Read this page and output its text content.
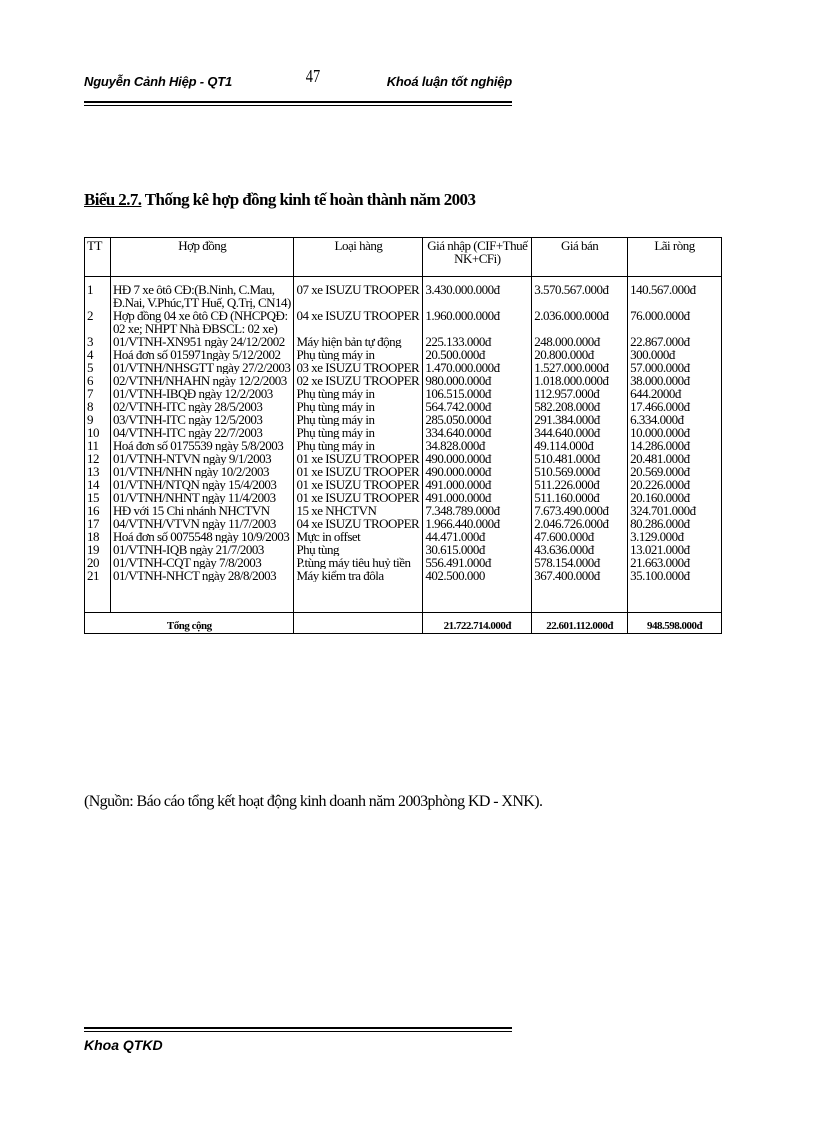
Nguyễn Cảnh Hiệp - QT1	47	Khoá luận tốt nghiệp
Biểu 2.7. Thống kê hợp đồng kinh tế hoàn thành năm 2003
TT	Hợp đồng	Loại hàng	Giá nhập (CIF+Thuế NK+CFi)	Giá bán	Lãi ròng

1	HĐ 7 xe ôtô CĐ:(B.Ninh, C.Mau, Đ.Nai, V.Phúc,TT Huế, Q.Trị, CN14)	07 xe ISUZU TROOPER	3.430.000.000đ	3.570.567.000đ	140.567.000đ
2	Hợp đồng 04 xe ôtô CĐ (NHCPQĐ: 02 xe; NHPT Nhà ĐBSCL: 02 xe)	04 xe ISUZU TROOPER	1.960.000.000đ	2.036.000.000đ	76.000.000đ
3	01/VTNH-XN951 ngày 24/12/2002	Máy hiện bản tự động	225.133.000đ	248.000.000đ	22.867.000đ
4	Hoá đơn số 015971ngày 5/12/2002	Phụ tùng máy in	20.500.000đ	20.800.000đ	300.000đ
5	01/VTNH/NHSGTT ngày 27/2/2003	03 xe ISUZU TROOPER	1.470.000.000đ	1.527.000.000đ	57.000.000đ
6	02/VTNH/NHAHN ngày 12/2/2003	02 xe ISUZU TROOPER	980.000.000đ	1.018.000.000đ	38.000.000đ
7	01/VTNH-IBQĐ ngày 12/2/2003	Phụ tùng máy in	106.515.000đ	112.957.000đ	644.2000đ
8	02/VTNH-ITC ngày 28/5/2003	Phụ tùng máy in	564.742.000đ	582.208.000đ	17.466.000đ
9	03/VTNH-ITC ngày 12/5/2003	Phụ tùng máy in	285.050.000đ	291.384.000đ	6.334.000đ
10	04/VTNH-ITC ngày 22/7/2003	Phụ tùng máy in	334.640.000đ	344.640.000đ	10.000.000đ
11	Hoá đơn số 0175539 ngày 5/8/2003	Phụ tùng máy in	34.828.000đ	49.114.000đ	14.286.000đ
12	01/VTNH-NTVN ngày 9/1/2003	01 xe ISUZU TROOPER	490.000.000đ	510.481.000đ	20.481.000đ
13	01/VTNH/NHN ngày 10/2/2003	01 xe ISUZU TROOPER	490.000.000đ	510.569.000đ	20.569.000đ
14	01/VTNH/NTQN ngày 15/4/2003	01 xe ISUZU TROOPER	491.000.000đ	511.226.000đ	20.226.000đ
15	01/VTNH/NHNT ngày 11/4/2003	01 xe ISUZU TROOPER	491.000.000đ	511.160.000đ	20.160.000đ
16	HĐ với 15 Chi nhánh NHCTVN	15 xe NHCTVN	7.348.789.000đ	7.673.490.000đ	324.701.000đ
17	04/VTNH/VTVN ngày 11/7/2003	04 xe ISUZU TROOPER	1.966.440.000đ	2.046.726.000đ	80.286.000đ
18	Hoá đơn số 0075548 ngày 10/9/2003	Mực in offset	44.471.000đ	47.600.000đ	3.129.000đ
19	01/VTNH-IQB ngày 21/7/2003	Phụ tùng	30.615.000đ	43.636.000đ	13.021.000đ
20	01/VTNH-CQT ngày 7/8/2003	P.tùng máy tiêu huỷ tiền	556.491.000đ	578.154.000đ	21.663.000đ
21	01/VTNH-NHCT ngày 28/8/2003	Máy kiểm tra đôla	402.500.000	367.400.000đ	35.100.000đ

Tổng cộng			21.722.714.000đ	22.601.112.000đ	948.598.000đ
(Nguồn: Báo cáo tổng kết hoạt động kinh doanh năm 2003phòng KD - XNK).
Khoa QTKD
